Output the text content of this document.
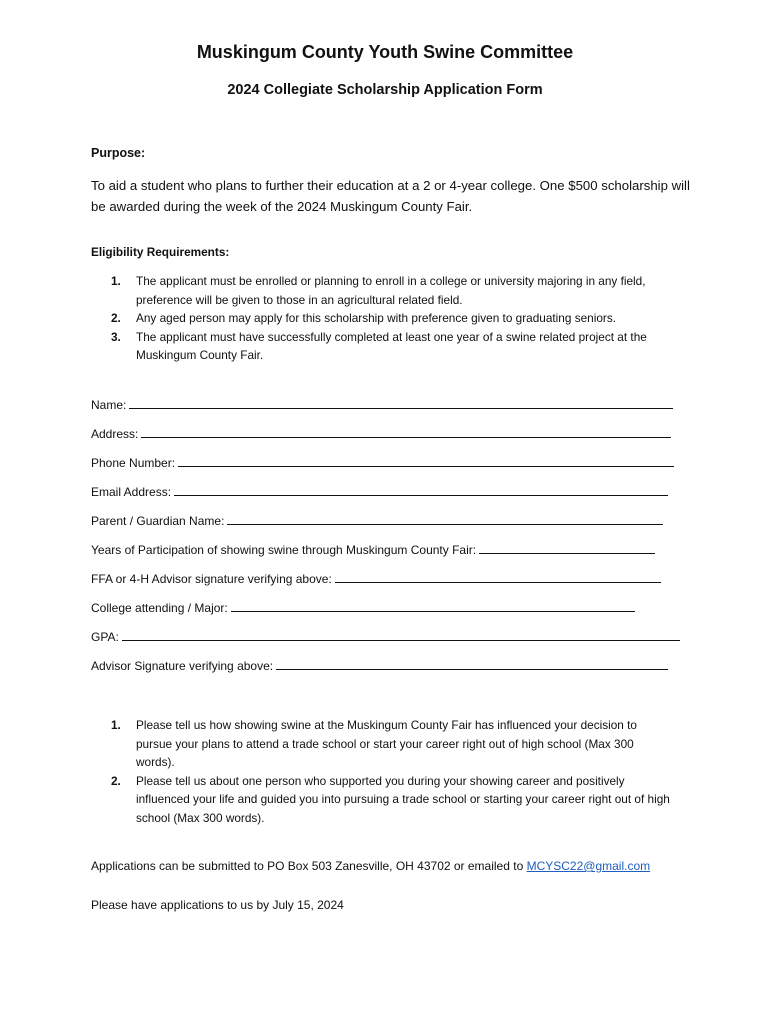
Muskingum County Youth Swine Committee
2024 Collegiate Scholarship Application Form
Purpose:
To aid a student who plans to further their education at a 2 or 4-year college. One $500 scholarship will be awarded during the week of the 2024 Muskingum County Fair.
Eligibility Requirements:
1.	The applicant must be enrolled or planning to enroll in a college or university majoring in any field, preference will be given to those in an agricultural related field.
2.	Any aged person may apply for this scholarship with preference given to graduating seniors.
3.	The applicant must have successfully completed at least one year of a swine related project at the Muskingum County Fair.
Name:
Address:
Phone Number:
Email Address:
Parent / Guardian Name:
Years of Participation of showing swine through Muskingum County Fair:
FFA or 4-H Advisor signature verifying above:
College attending / Major:
GPA:
Advisor Signature verifying above:
1.	Please tell us how showing swine at the Muskingum County Fair has influenced your decision to pursue your plans to attend a trade school or start your career right out of high school (Max 300 words).
2.	Please tell us about one person who supported you during your showing career and positively influenced your life and guided you into pursuing a trade school or starting your career right out of high school (Max 300 words).
Applications can be submitted to PO Box 503 Zanesville, OH 43702 or emailed to MCYSC22@gmail.com
Please have applications to us by July 15, 2024
